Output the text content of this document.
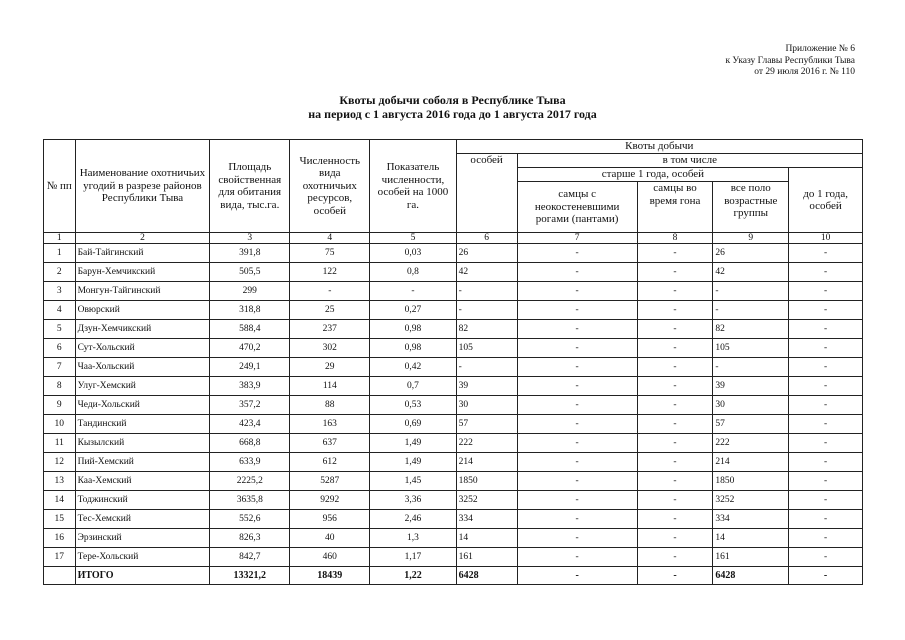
Приложение № 6
к Указу Главы Республики Тыва
от 29 июля 2016 г. № 110
Квоты добычи соболя в Республике Тыва
на период с 1 августа 2016 года до 1 августа 2017 года
№ пп	Наименование охотничьих угодий в разрезе районов Республики Тыва	Площадь свойственная для обитания вида, тыс.га.	Численность вида охотничьих ресурсов, особей	Показатель численности, особей на 1000 га.	Квоты добычи				
					особей	в том числе			
						старше 1 года, особей			до 1 года, особей
						самцы с неокостеневшими рогами (пантами)	самцы во время гона	все поло возрастные группы	
1	2	3	4	5	6	7	8	9	10
1	Бай-Тайгинский	391,8	75	0,03	26	-	-	26	-
2	Барун-Хемчикский	505,5	122	0,8	42	-	-	42	-
3	Монгун-Тайгинский	299	-	-	-	-	-	-	-
4	Овюрский	318,8	25	0,27	-	-	-	-	-
5	Дзун-Хемчикский	588,4	237	0,98	82	-	-	82	-
6	Сут-Хольский	470,2	302	0,98	105	-	-	105	-
7	Чаа-Хольский	249,1	29	0,42	-	-	-	-	-
8	Улуг-Хемский	383,9	114	0,7	39	-	-	39	-
9	Чеди-Хольский	357,2	88	0,53	30	-	-	30	-
10	Тандинский	423,4	163	0,69	57	-	-	57	-
11	Кызылский	668,8	637	1,49	222	-	-	222	-
12	Пий-Хемский	633,9	612	1,49	214	-	-	214	-
13	Каа-Хемский	2225,2	5287	1,45	1850	-	-	1850	-
14	Тоджинский	3635,8	9292	3,36	3252	-	-	3252	-
15	Тес-Хемский	552,6	956	2,46	334	-	-	334	-
16	Эрзинский	826,3	40	1,3	14	-	-	14	-
17	Тере-Хольский	842,7	460	1,17	161	-	-	161	-
	ИТОГО	13321,2	18439	1,22	6428	-	-	6428	-
